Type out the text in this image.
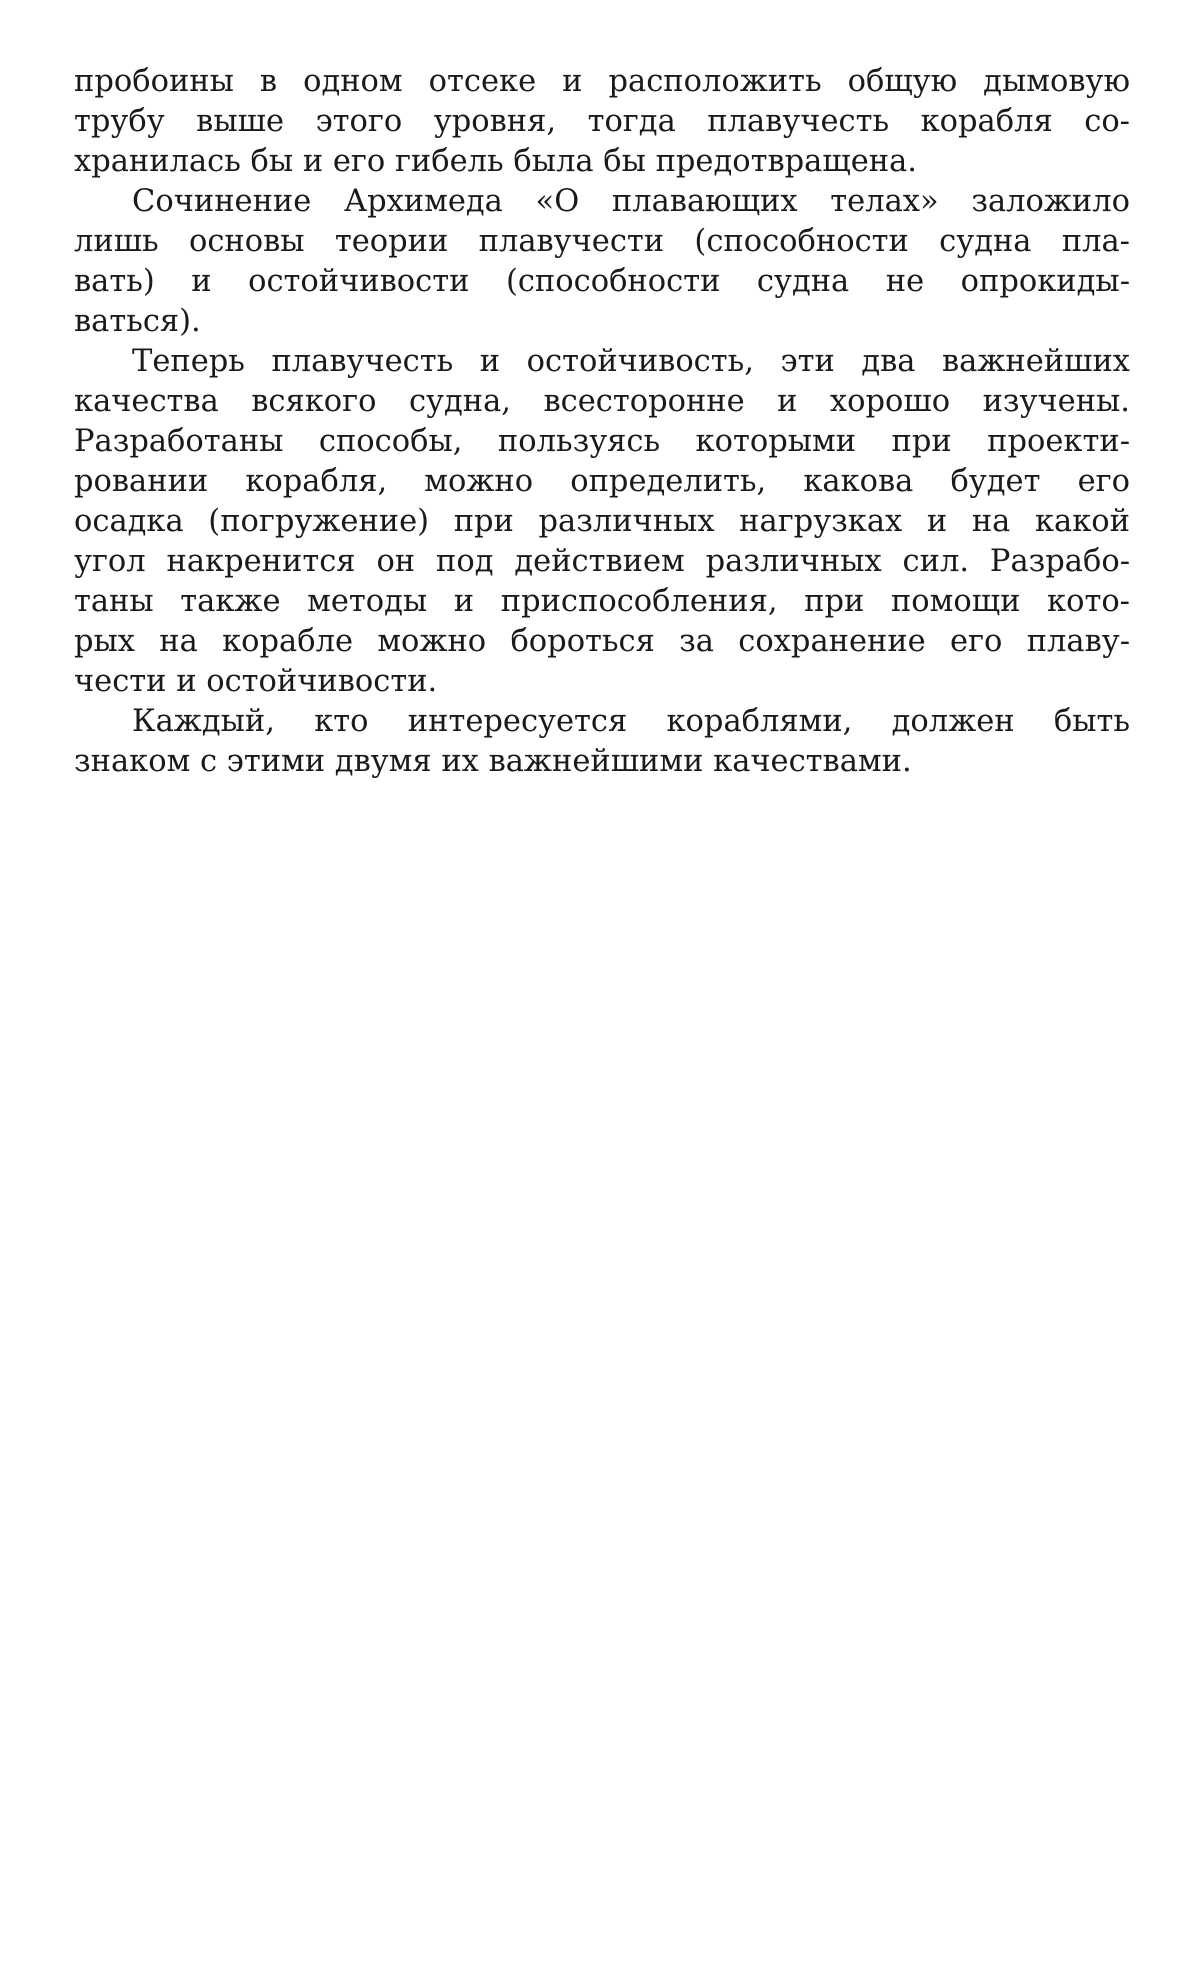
пробоины в одном отсеке и расположить общую дымовую
трубу выше этого уровня, тогда плавучесть корабля со-
хранилась бы и его гибель была бы предотвращена.
Сочинение Архимеда «О плавающих телах» заложило
лишь основы теории плавучести (способности судна пла-
вать) и остойчивости (способности судна не опрокиды-
ваться).
Теперь плавучесть и остойчивость, эти два важнейших
качества всякого судна, всесторонне и хорошо изучены.
Разработаны способы, пользуясь которыми при проекти-
ровании корабля, можно определить, какова будет его
осадка (погружение) при различных нагрузках и на какой
угол накренится он под действием различных сил. Разрабо-
таны также методы и приспособления, при помощи кото-
рых на корабле можно бороться за сохранение его плаву-
чести и остойчивости.
Каждый, кто интересуется кораблями, должен быть
знаком с этими двумя их важнейшими качествами.
